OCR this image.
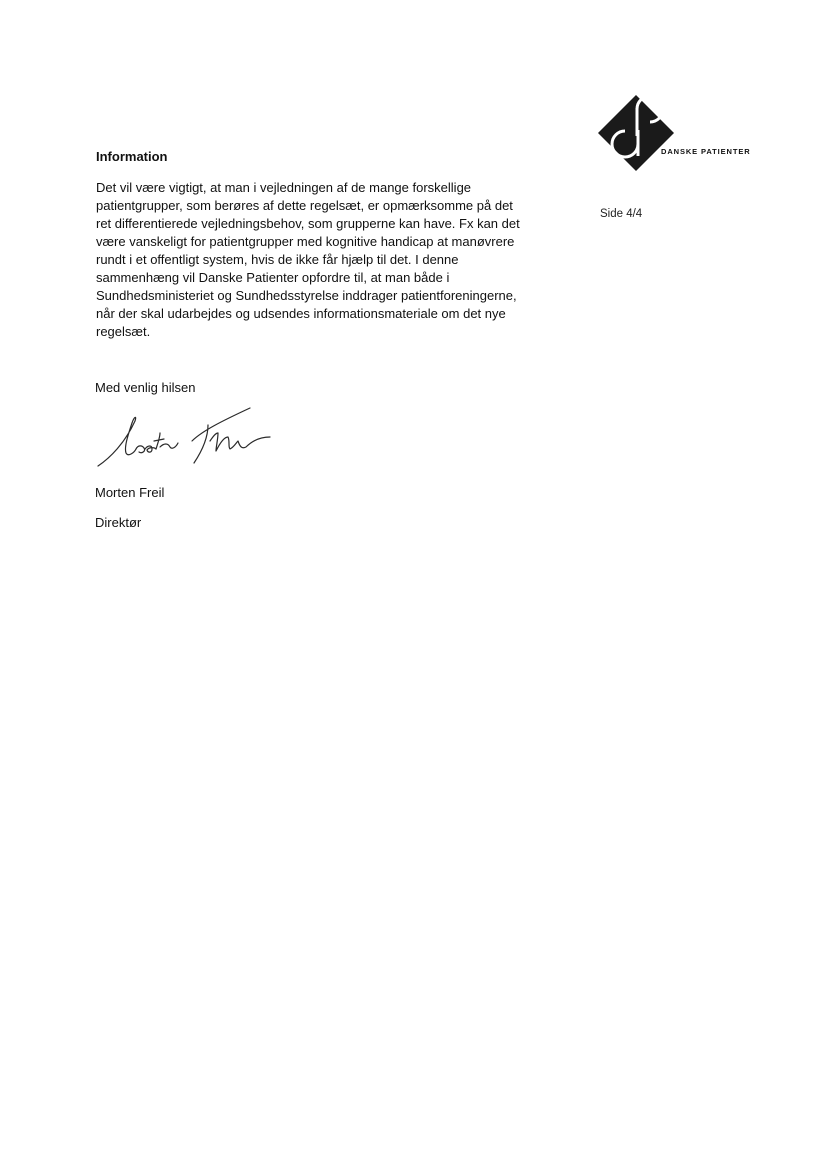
DANSKE PATIENTER
Side 4/4
Information

Det vil være vigtigt, at man i vejledningen af de mange forskellige
patientgrupper, som berøres af dette regelsæt, er opmærksomme på det
ret differentierede vejledningsbehov, som grupperne kan have. Fx kan det
være vanskeligt for patientgrupper med kognitive handicap at manøvrere
rundt i et offentligt system, hvis de ikke får hjælp til det. I denne
sammenhæng vil Danske Patienter opfordre til, at man både i
Sundhedsministeriet og Sundhedsstyrelse inddrager patientforeningerne,
når der skal udarbejdes og udsendes informationsmateriale om det nye
regelsæt.

Med venlig hilsen

Morten Freil

Direktør
